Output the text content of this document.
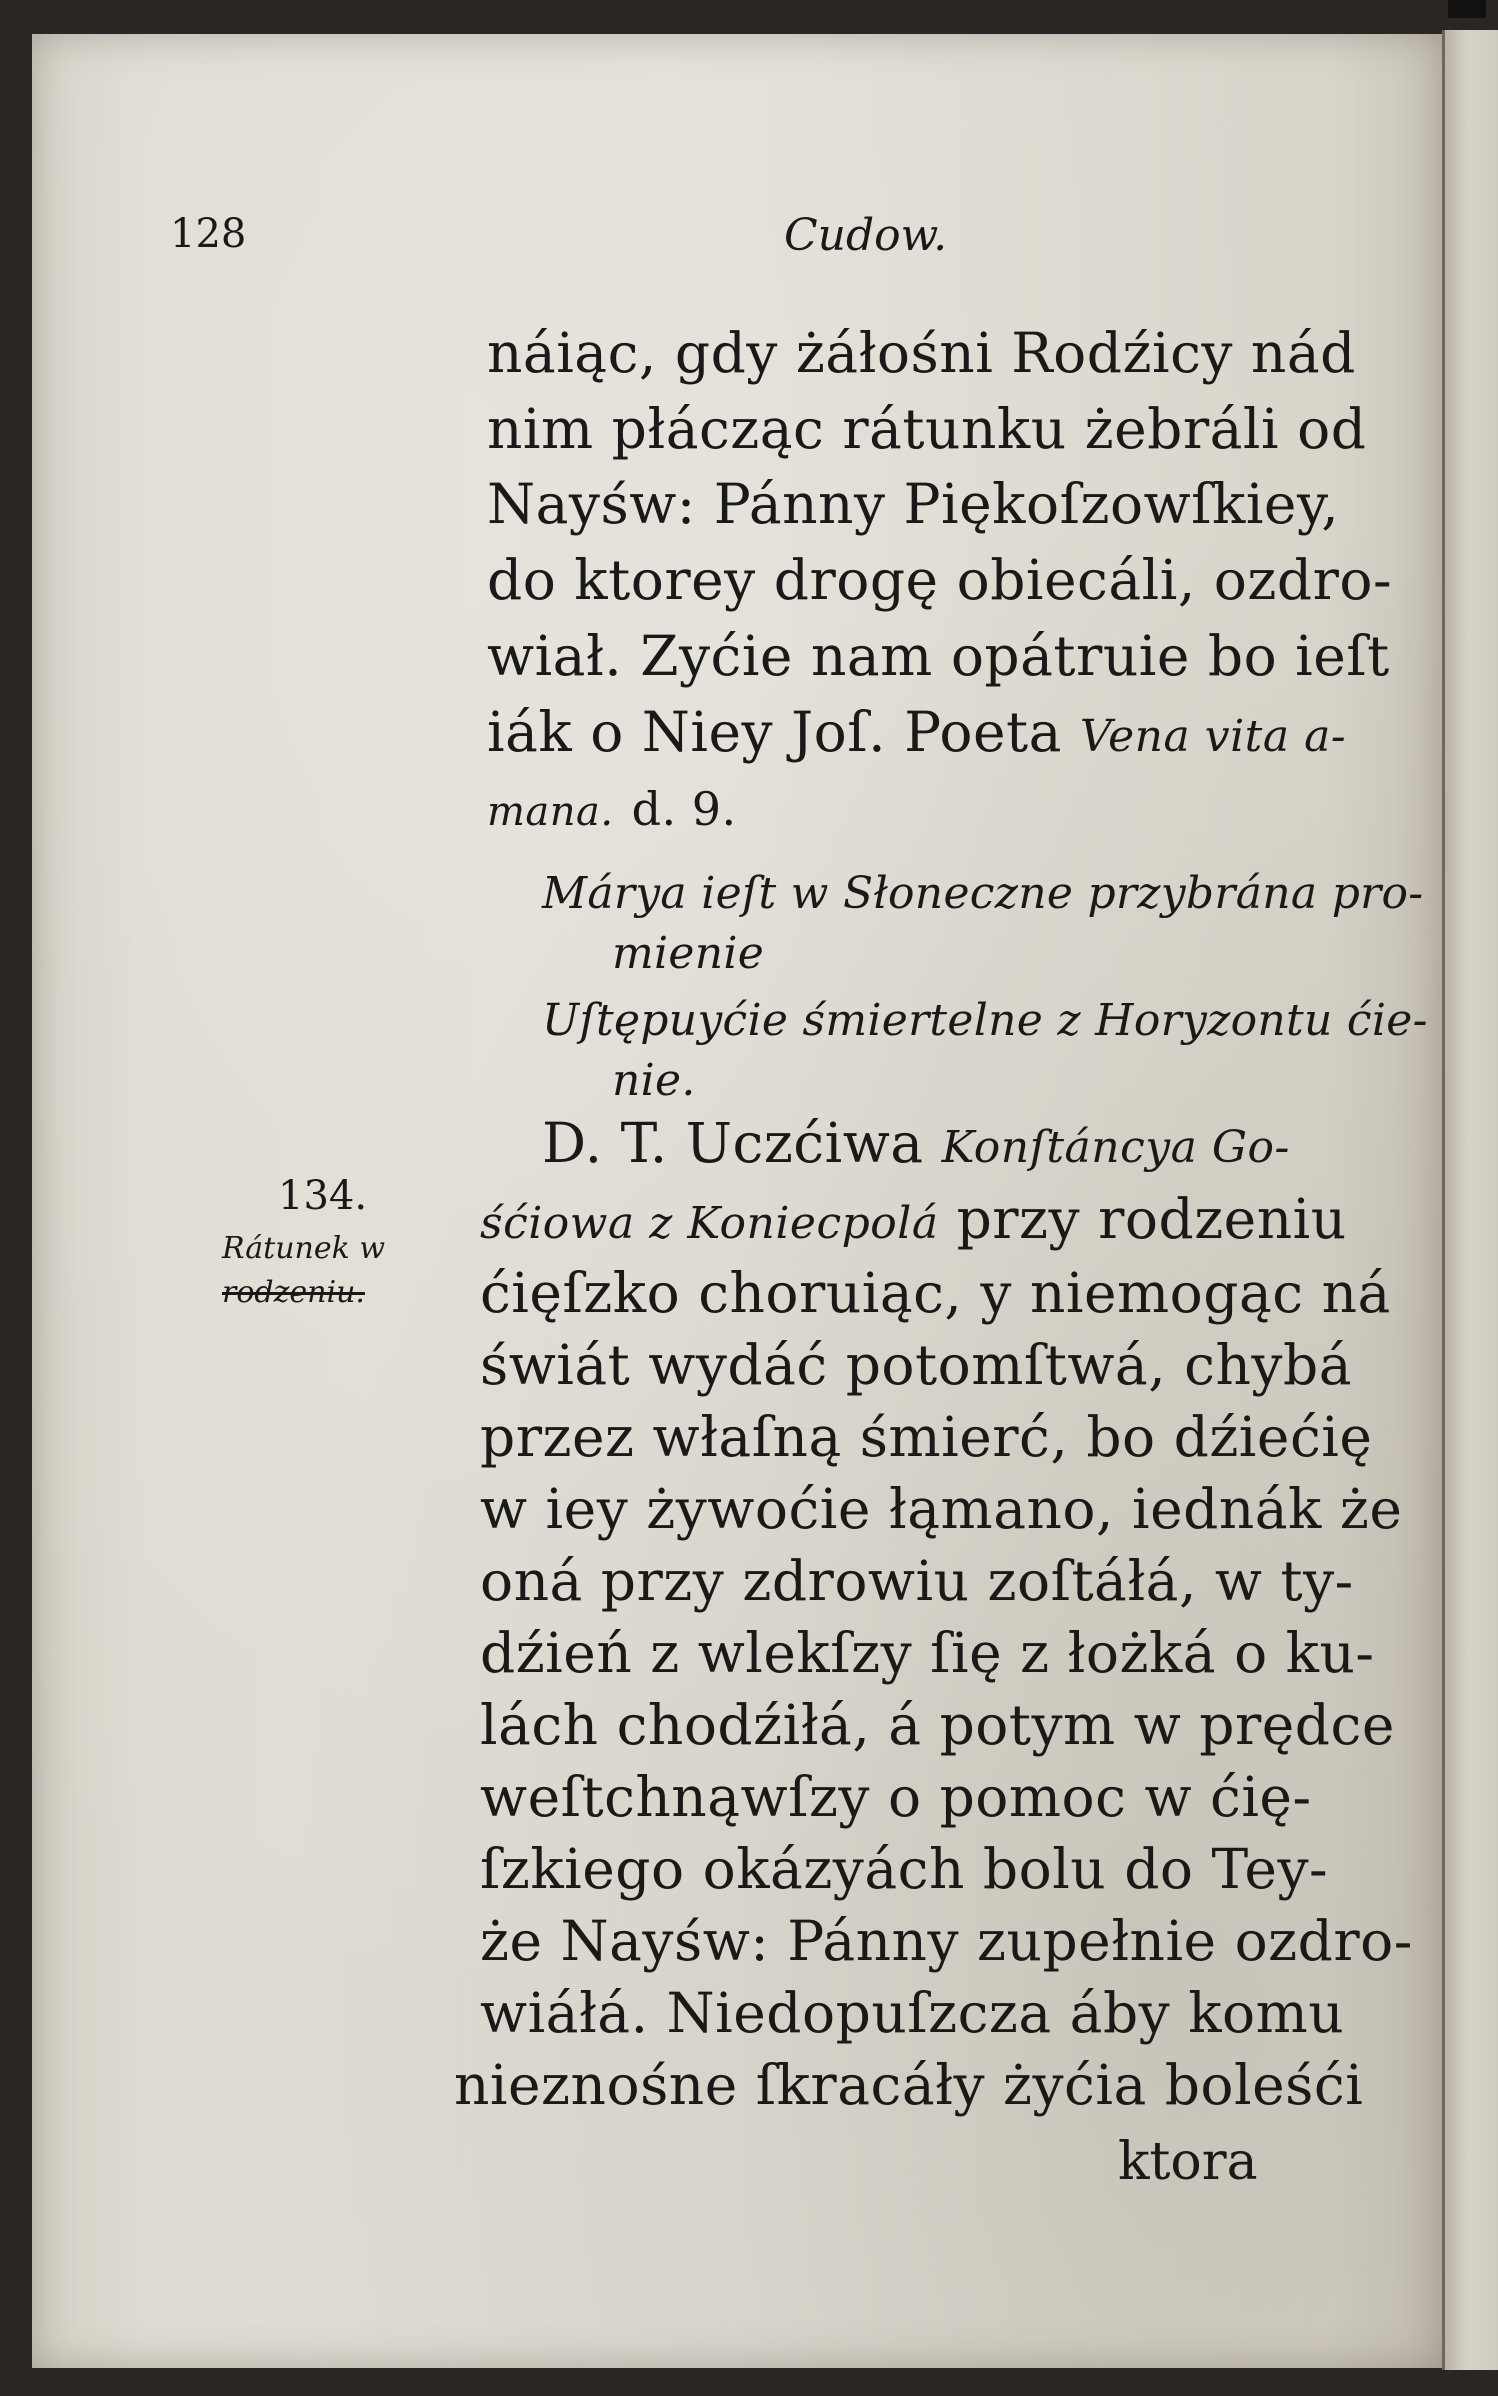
128	Cudow.

náiąc, gdy żáłośni Rodźicy nád

nim płácząc rátunku żebráli od

Nayśw: Pánny Piękoſzowſkiey,

do ktorey drogę obiecáli, ozdro-

wiał. Zyćie nam opátruie bo ieſt

iák o Niey Joſ. Poeta Vena vita a-

mana. d. 9.

Márya ieſt w Słoneczne przybrána pro-

mienie

Uſtępuyćie śmiertelne z Horyzontu ćie-

nie.

D. T. Uczćiwa Konſtáncya Go-

śćiowa z Koniecpolá przy rodzeniu

ćięſzko choruiąc, y niemogąc ná

świát wydáć potomſtwá, chybá

przez właſną śmierć, bo dźiećię

w iey żywoćie łąmano, iednák że

oná przy zdrowiu zoſtáłá, w ty-

dźień z wlekſzy ſię z łożká o ku-

lách chodźiłá, á potym w prędce

weſtchnąwſzy o pomoc w ćię-

ſzkiego okázyách bolu do Tey-

że Nayśw: Pánny zupełnie ozdro-

wiáłá. Niedopuſzcza áby komu

nieznośne ſkracáły żyćia boleśći

ktora

134.

Rátunek w

rodzeniu.
